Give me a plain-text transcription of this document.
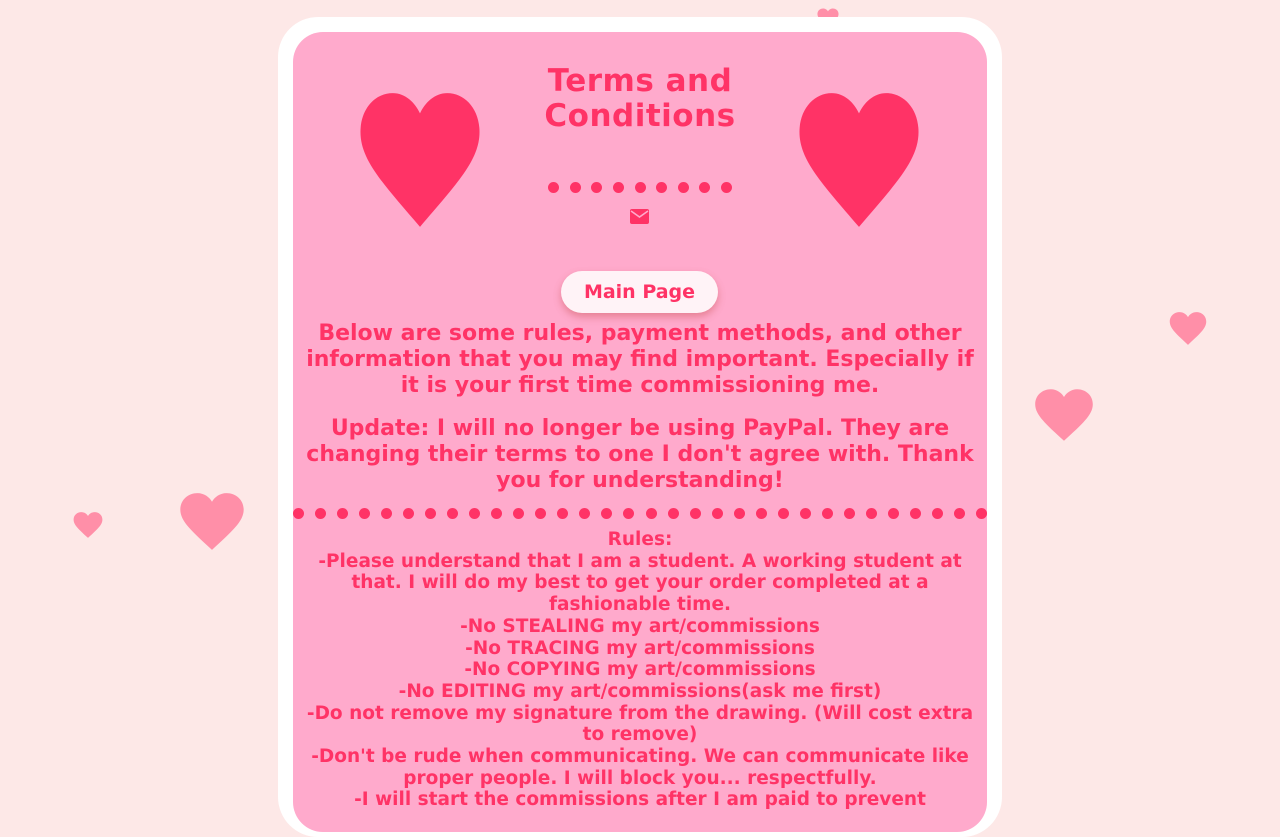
Terms and Conditions
Main Page
Below are some rules, payment methods, and other information that you may find important. Especially if it is your first time commissioning me.
Update: I will no longer be using PayPal. They are changing their terms to one I don't agree with. Thank you for understanding!
Rules:
-Please understand that I am a student. A working student at that. I will do my best to get your order completed at a fashionable time.
-No STEALING my art/commissions
-No TRACING my art/commissions
-No COPYING my art/commissions
-No EDITING my art/commissions(ask me first)
-Do not remove my signature from the drawing. (Will cost extra to remove)
-Don't be rude when communicating. We can communicate like proper people. I will block you... respectfully.
-I will start the commissions after I am paid to prevent
